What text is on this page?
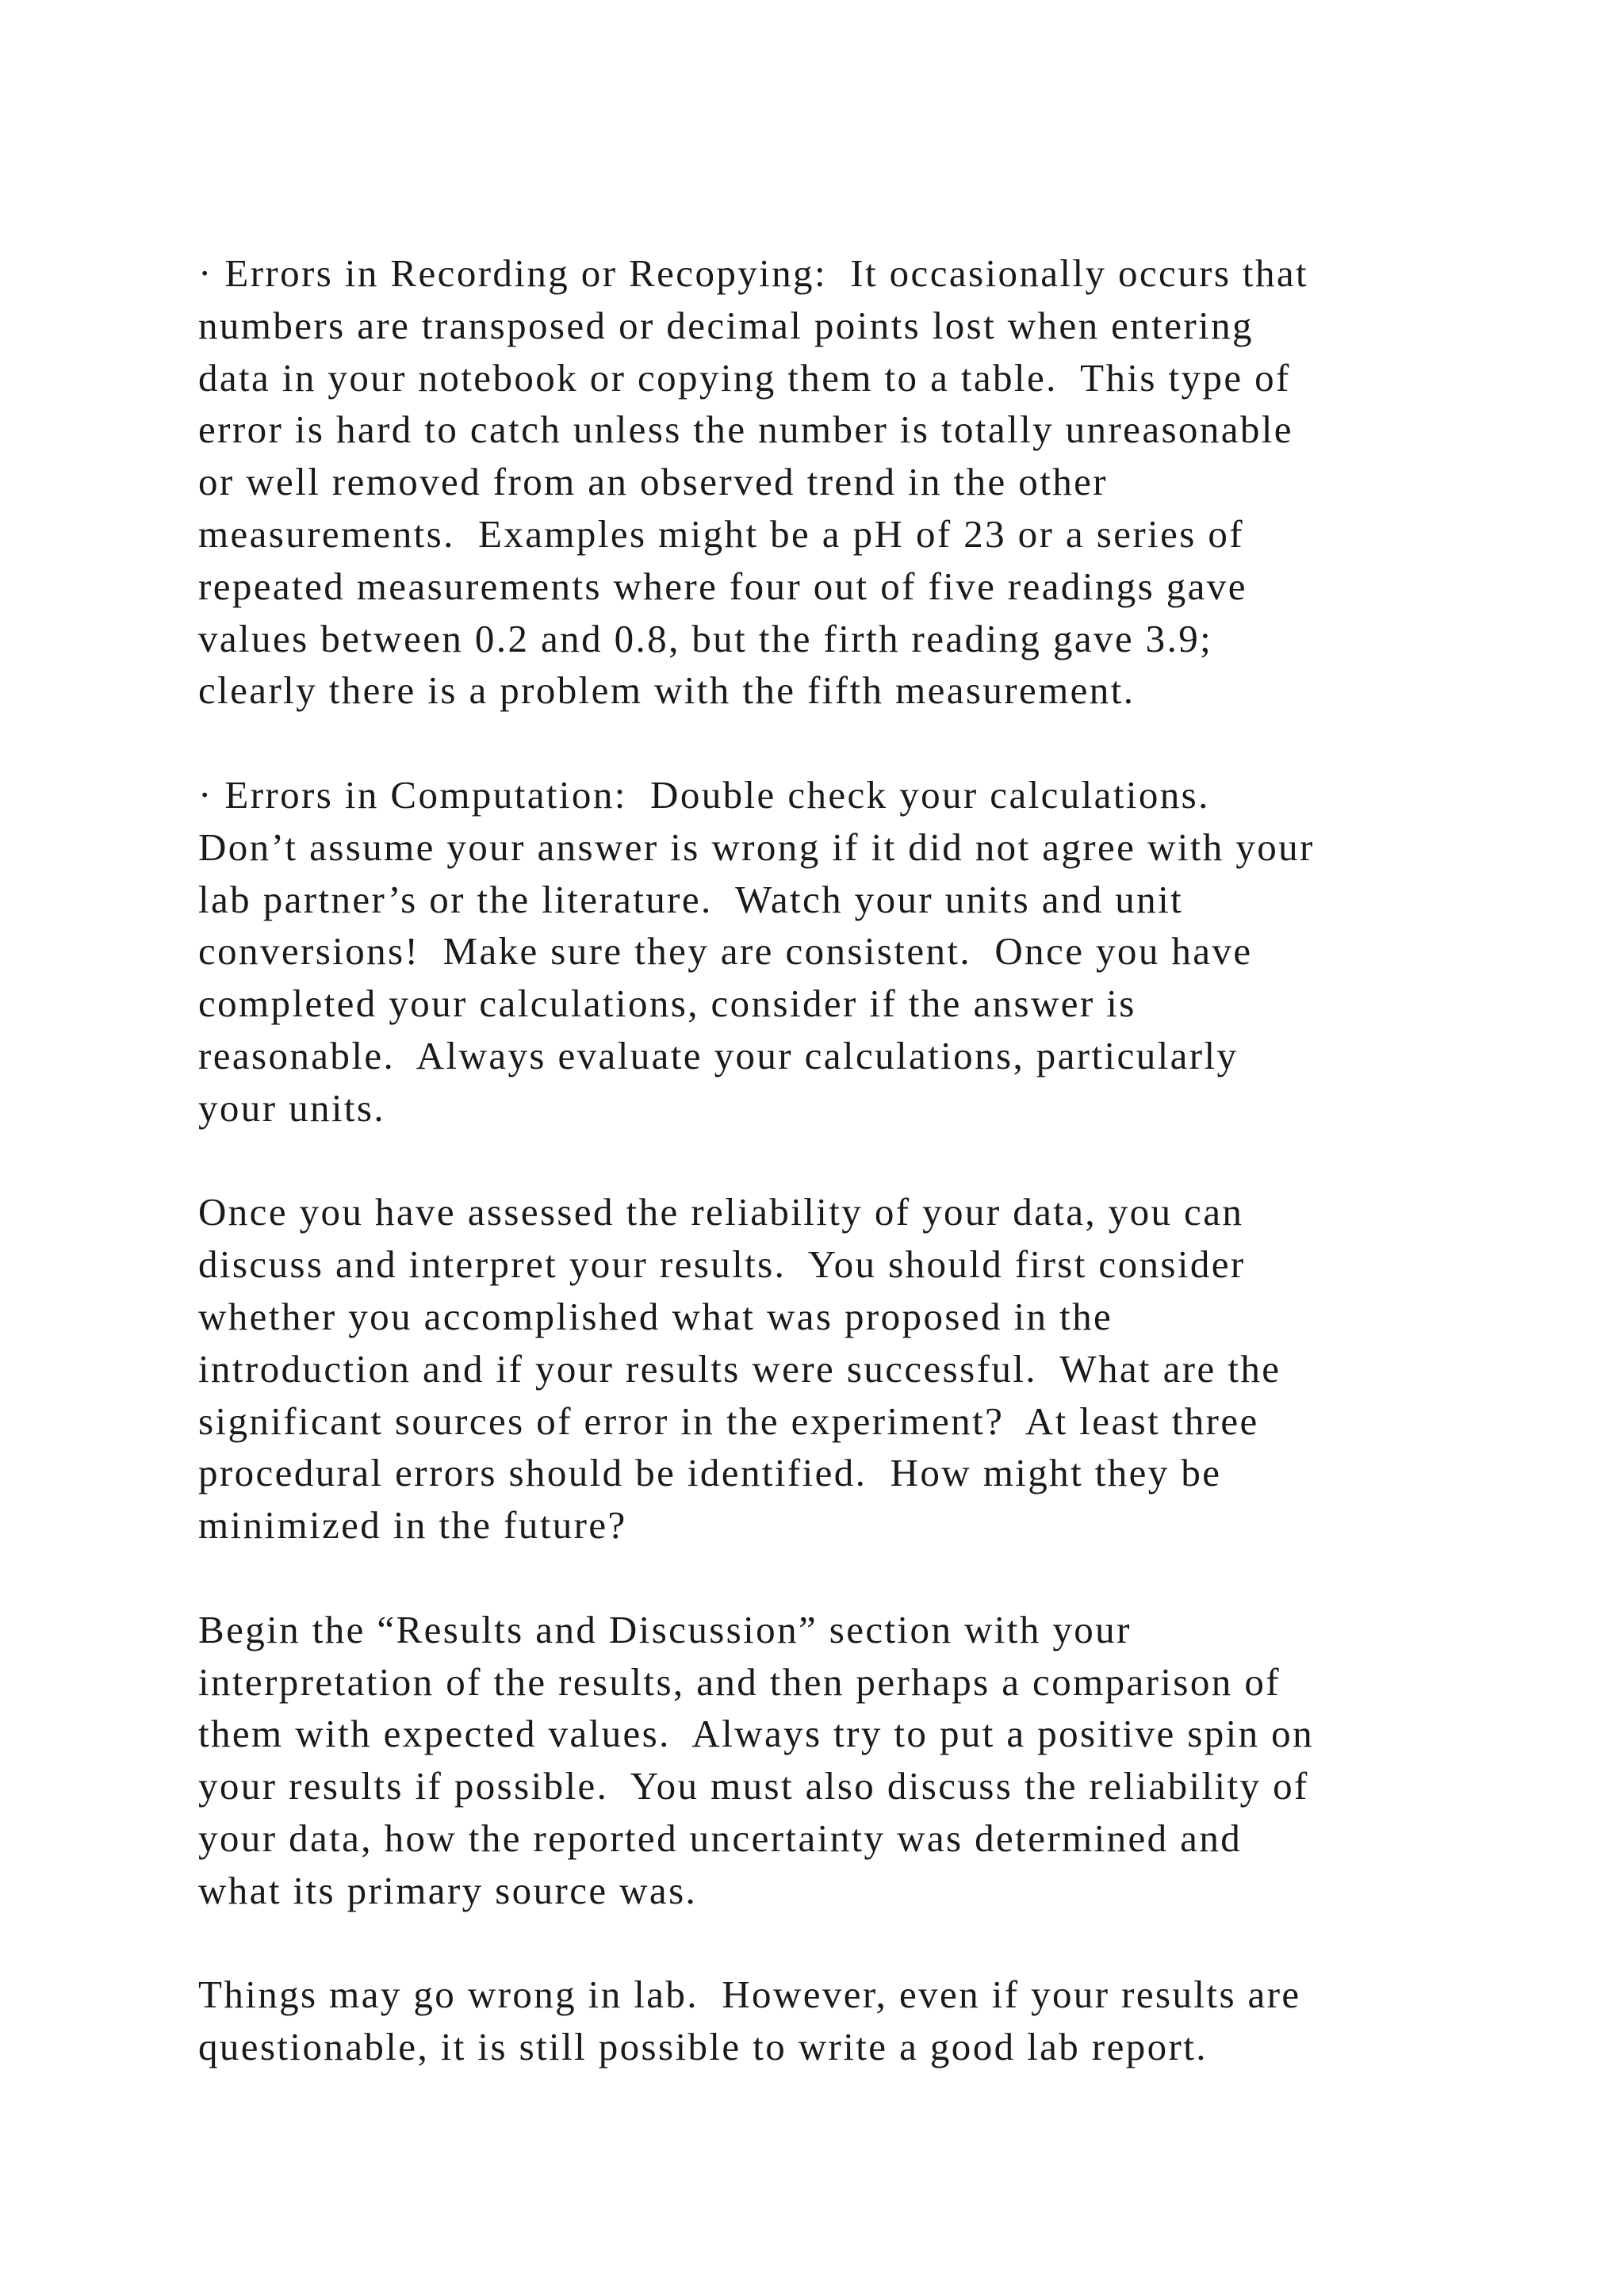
· Errors in Recording or Recopying:  It occasionally occurs that
numbers are transposed or decimal points lost when entering
data in your notebook or copying them to a table.  This type of
error is hard to catch unless the number is totally unreasonable
or well removed from an observed trend in the other
measurements.  Examples might be a pH of 23 or a series of
repeated measurements where four out of five readings gave
values between 0.2 and 0.8, but the firth reading gave 3.9;
clearly there is a problem with the fifth measurement.

· Errors in Computation:  Double check your calculations.
Don’t assume your answer is wrong if it did not agree with your
lab partner’s or the literature.  Watch your units and unit
conversions!  Make sure they are consistent.  Once you have
completed your calculations, consider if the answer is
reasonable.  Always evaluate your calculations, particularly
your units.

Once you have assessed the reliability of your data, you can
discuss and interpret your results.  You should first consider
whether you accomplished what was proposed in the
introduction and if your results were successful.  What are the
significant sources of error in the experiment?  At least three
procedural errors should be identified.  How might they be
minimized in the future?

Begin the “Results and Discussion” section with your
interpretation of the results, and then perhaps a comparison of
them with expected values.  Always try to put a positive spin on
your results if possible.  You must also discuss the reliability of
your data, how the reported uncertainty was determined and
what its primary source was.

Things may go wrong in lab.  However, even if your results are
questionable, it is still possible to write a good lab report.
